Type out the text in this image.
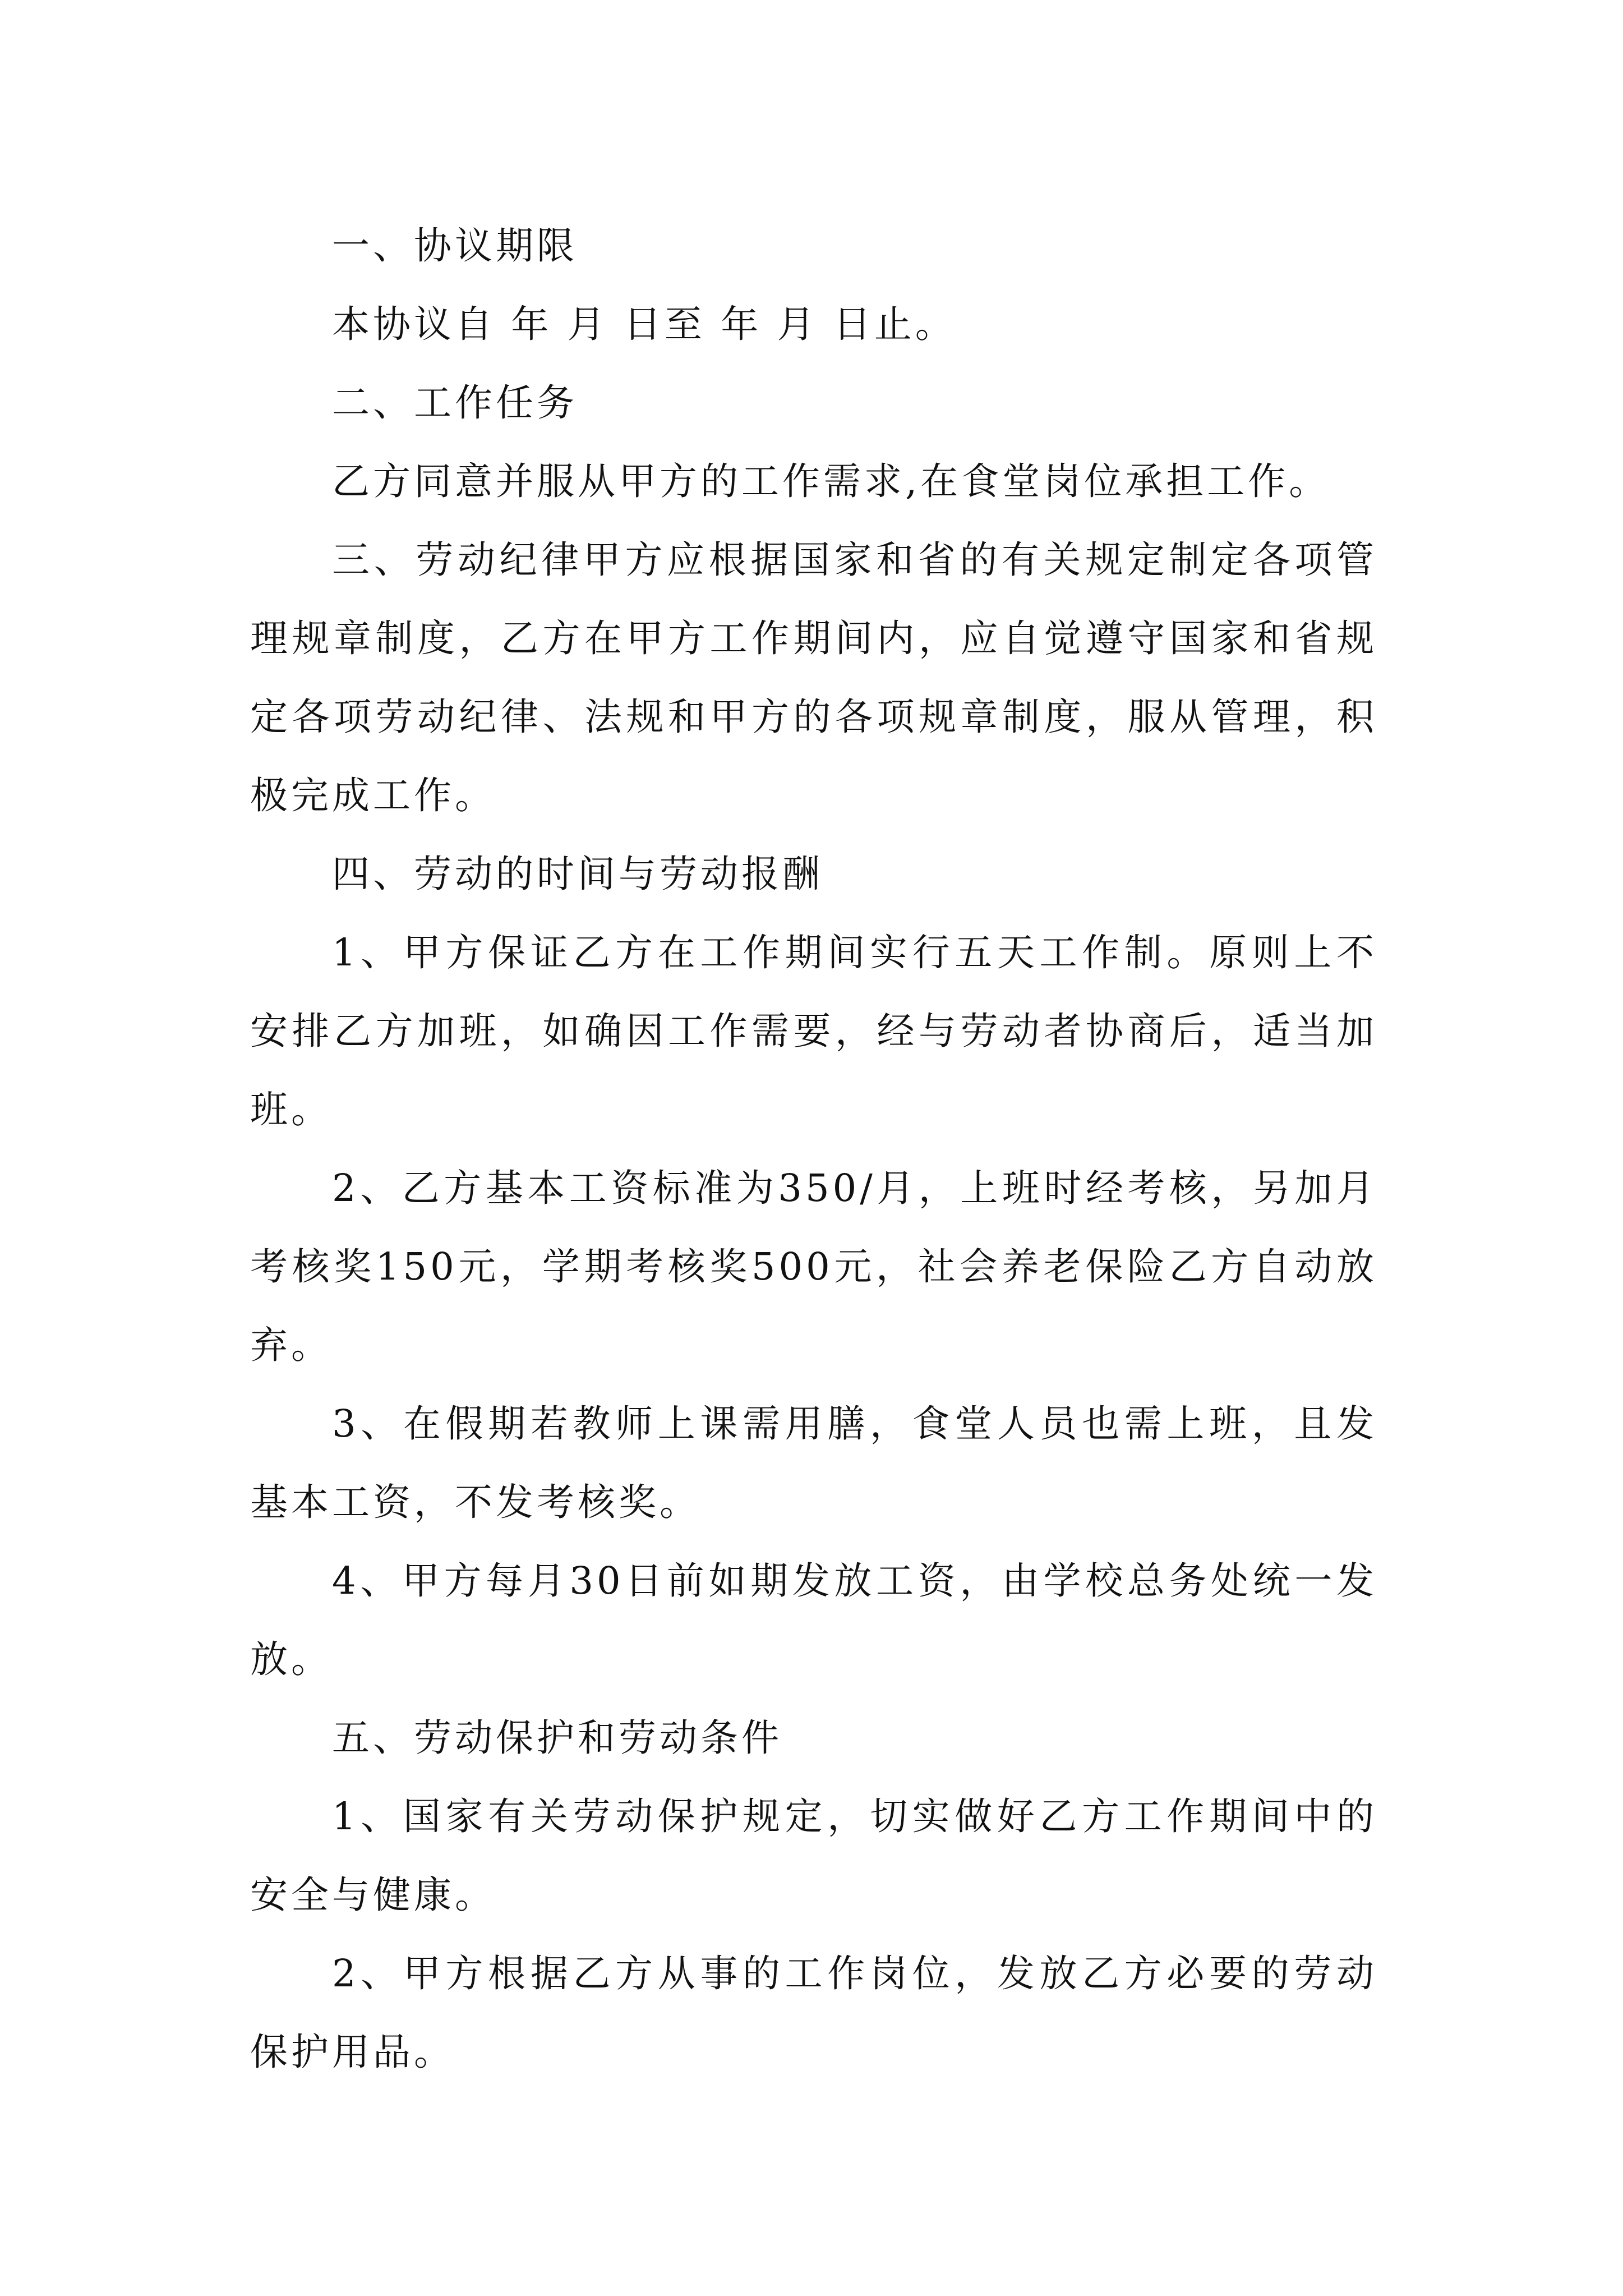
一、协议期限

本协议自 年 月 日至 年 月 日止。

二、工作任务

乙方同意并服从甲方的工作需求,在食堂岗位承担工作。

三、劳动纪律甲方应根据国家和省的有关规定制定各项管理规章制度，乙方在甲方工作期间内，应自觉遵守国家和省规定各项劳动纪律、法规和甲方的各项规章制度，服从管理，积极完成工作。

四、劳动的时间与劳动报酬

1、甲方保证乙方在工作期间实行五天工作制。原则上不安排乙方加班，如确因工作需要，经与劳动者协商后，适当加班。

2、乙方基本工资标准为350/月，上班时经考核，另加月考核奖150元，学期考核奖500元，社会养老保险乙方自动放弃。

3、在假期若教师上课需用膳，食堂人员也需上班，且发基本工资，不发考核奖。

4、甲方每月30日前如期发放工资，由学校总务处统一发放。

五、劳动保护和劳动条件

1、国家有关劳动保护规定，切实做好乙方工作期间中的安全与健康。

2、甲方根据乙方从事的工作岗位，发放乙方必要的劳动保护用品。
